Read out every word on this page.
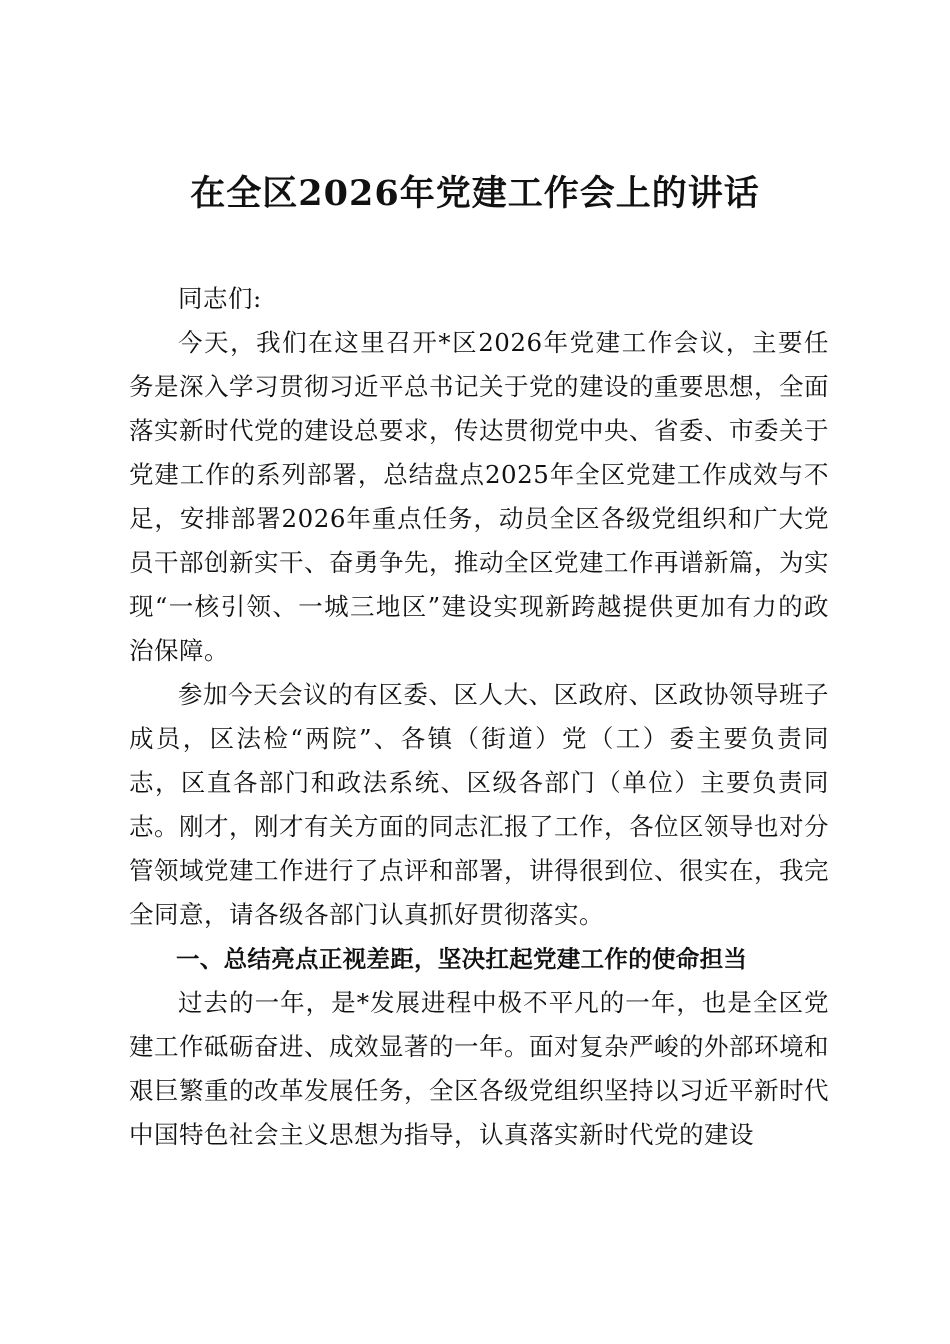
在全区2026年党建工作会上的讲话

同志们:

今天，我们在这里召开*区2026年党建工作会议，主要任务是深入学习贯彻习近平总书记关于党的建设的重要思想，全面落实新时代党的建设总要求，传达贯彻党中央、省委、市委关于党建工作的系列部署，总结盘点2025年全区党建工作成效与不足，安排部署2026年重点任务，动员全区各级党组织和广大党员干部创新实干、奋勇争先，推动全区党建工作再谱新篇，为实现“一核引领、一城三地区”建设实现新跨越提供更加有力的政治保障。

参加今天会议的有区委、区人大、区政府、区政协领导班子成员，区法检“两院”、各镇（街道）党（工）委主要负责同志，区直各部门和政法系统、区级各部门（单位）主要负责同志。刚才，刚才有关方面的同志汇报了工作，各位区领导也对分管领域党建工作进行了点评和部署，讲得很到位、很实在，我完全同意，请各级各部门认真抓好贯彻落实。

一、总结亮点正视差距，坚决扛起党建工作的使命担当

过去的一年，是*发展进程中极不平凡的一年，也是全区党建工作砥砺奋进、成效显著的一年。面对复杂严峻的外部环境和艰巨繁重的改革发展任务，全区各级党组织坚持以习近平新时代中国特色社会主义思想为指导，认真落实新时代党的建设
